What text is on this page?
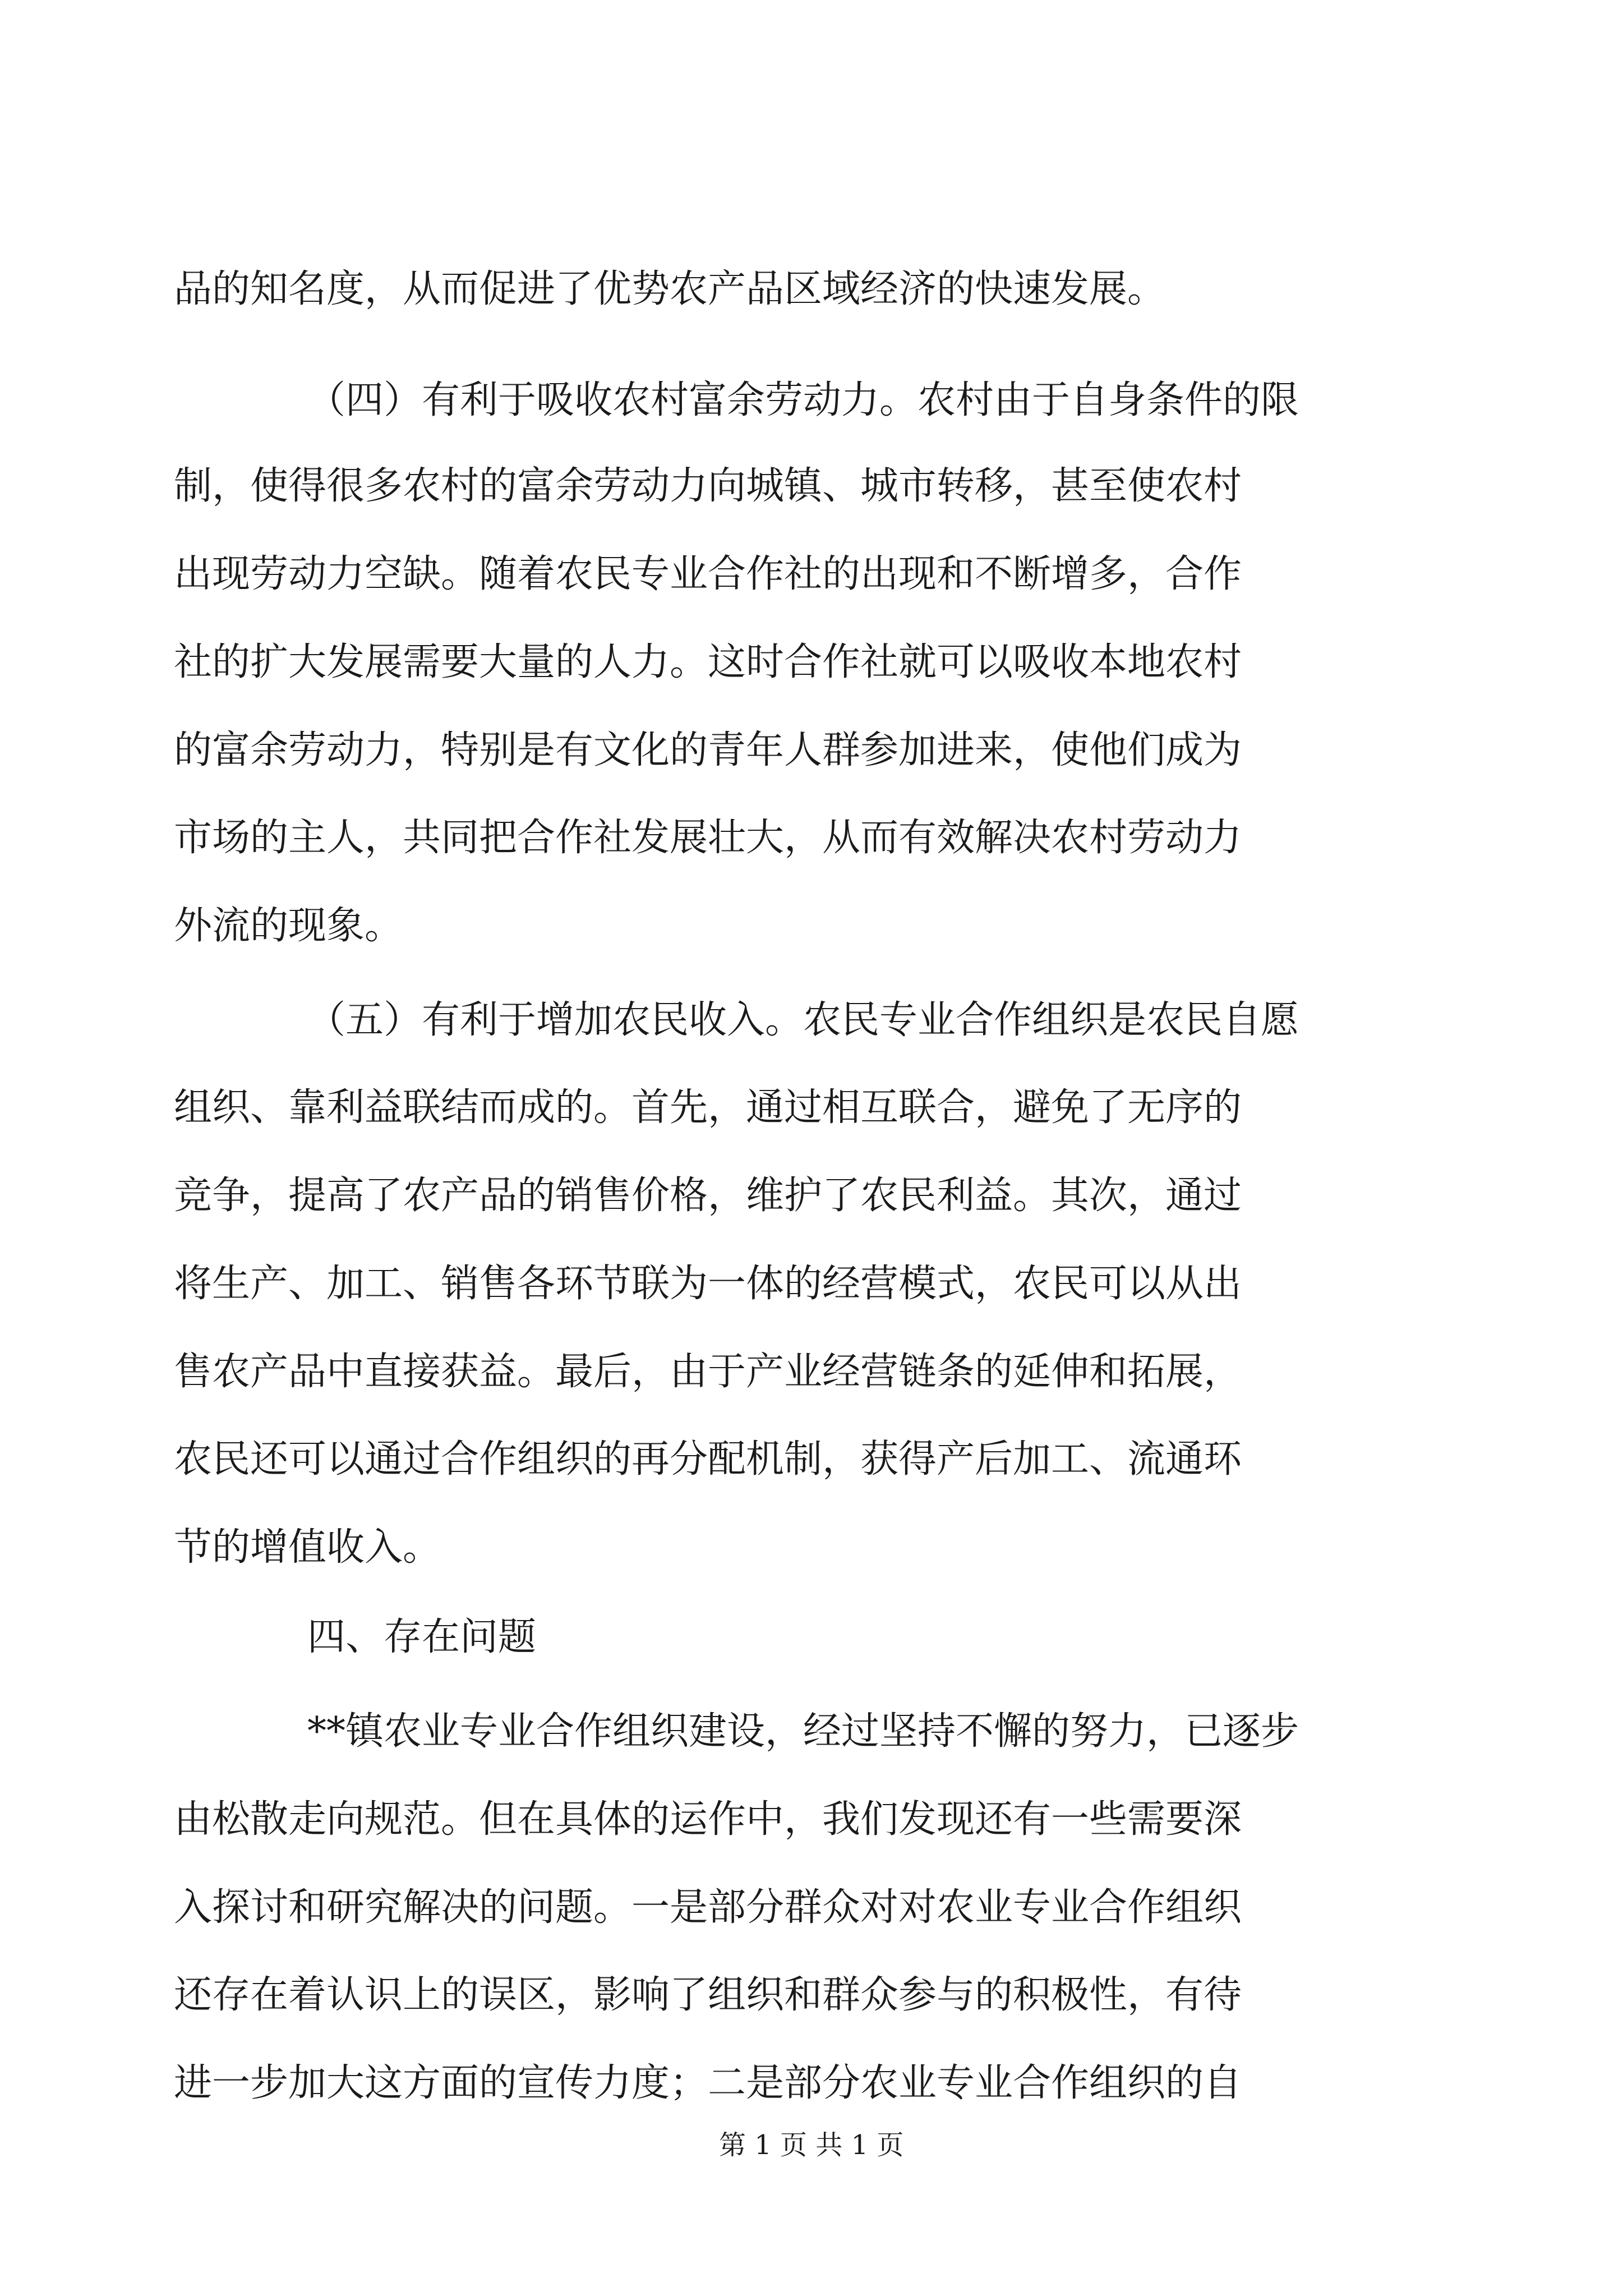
品的知名度，从而促进了优势农产品区域经济的快速发展。

（四）有利于吸收农村富余劳动力。农村由于自身条件的限

制，使得很多农村的富余劳动力向城镇、城市转移，甚至使农村

出现劳动力空缺。随着农民专业合作社的出现和不断增多，合作

社的扩大发展需要大量的人力。这时合作社就可以吸收本地农村

的富余劳动力，特别是有文化的青年人群参加进来，使他们成为

市场的主人，共同把合作社发展壮大，从而有效解决农村劳动力

外流的现象。

（五）有利于增加农民收入。农民专业合作组织是农民自愿

组织、靠利益联结而成的。首先，通过相互联合，避免了无序的

竞争，提高了农产品的销售价格，维护了农民利益。其次，通过

将生产、加工、销售各环节联为一体的经营模式，农民可以从出

售农产品中直接获益。最后，由于产业经营链条的延伸和拓展，

农民还可以通过合作组织的再分配机制，获得产后加工、流通环

节的增值收入。

四、存在问题

**镇农业专业合作组织建设，经过坚持不懈的努力，已逐步

由松散走向规范。但在具体的运作中，我们发现还有一些需要深

入探讨和研究解决的问题。一是部分群众对对农业专业合作组织

还存在着认识上的误区，影响了组织和群众参与的积极性，有待

进一步加大这方面的宣传力度；二是部分农业专业合作组织的自

第 1 页 共 1 页
